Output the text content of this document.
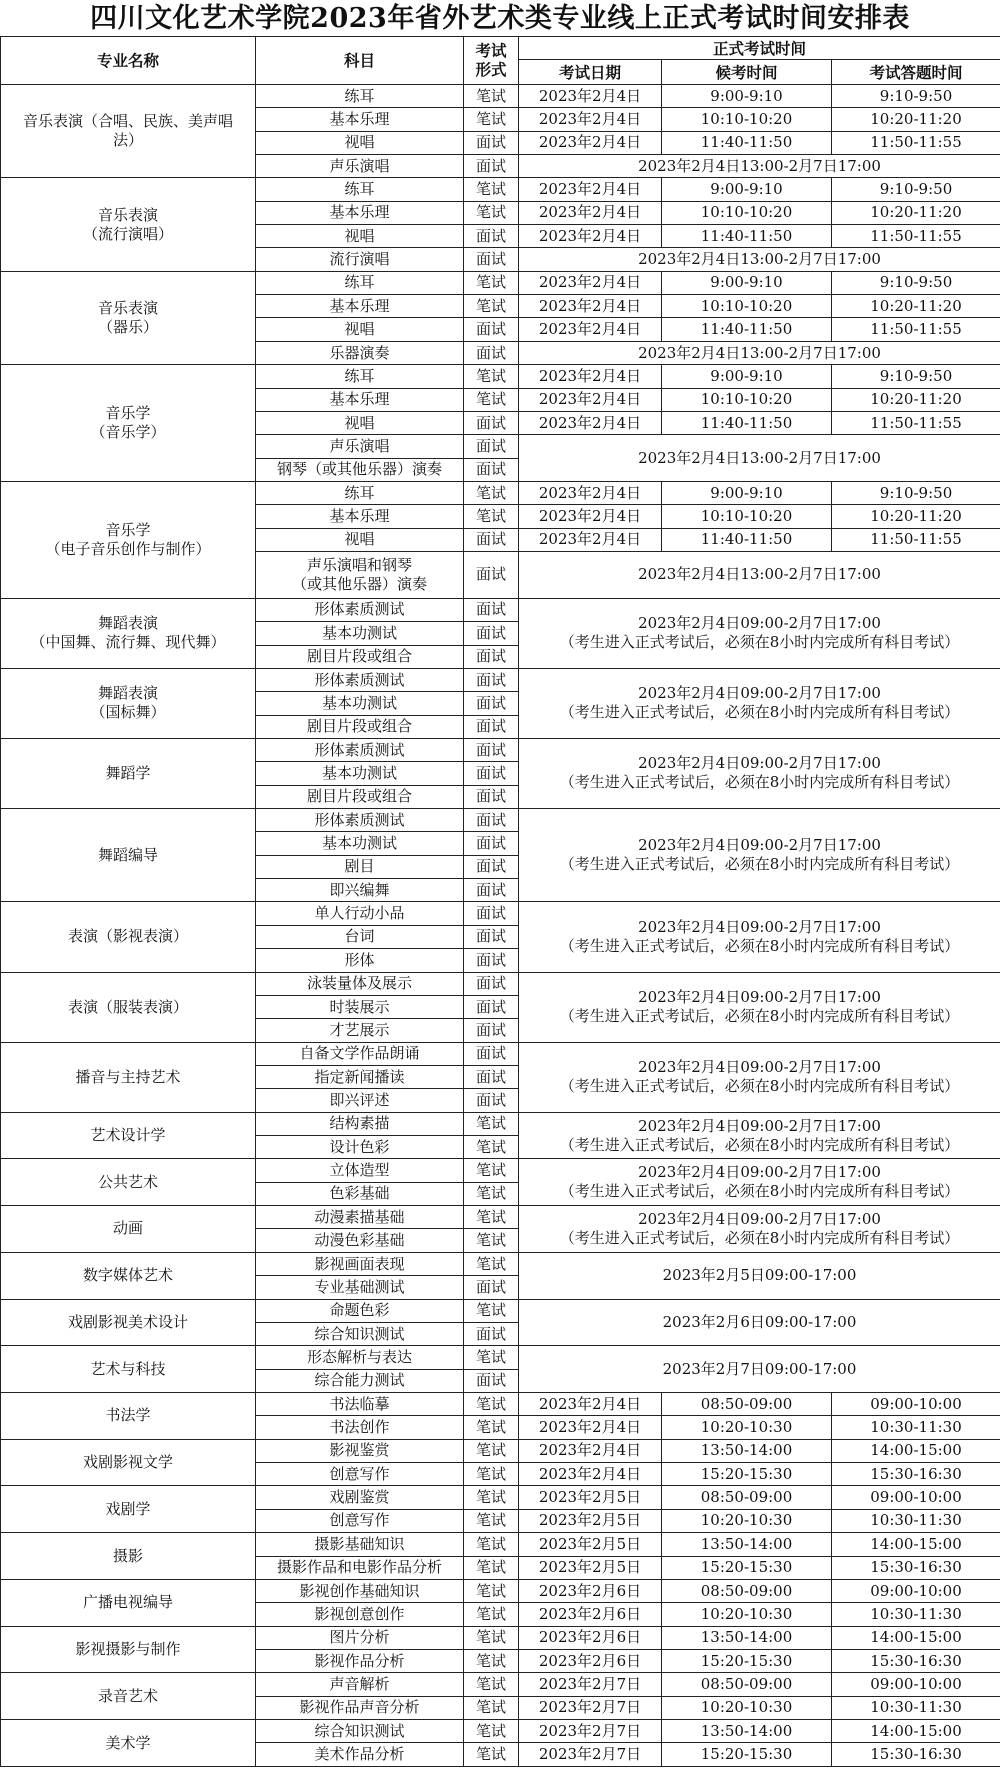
四川文化艺术学院2023年省外艺术类专业线上正式考试时间安排表
专业名称	科目	考试
形式	正式考试时间		
			考试日期	候考时间	考试答题时间

音乐表演（合唱、民族、美声唱
法）	练耳	笔试	2023年2月4日	9:00-9:10	9:10-9:50
	基本乐理	笔试	2023年2月4日	10:10-10:20	10:20-11:20
	视唱	面试	2023年2月4日	11:40-11:50	11:50-11:55
	声乐演唱	面试	2023年2月4日13:00-2月7日17:00		

音乐表演
（流行演唱）	练耳	笔试	2023年2月4日	9:00-9:10	9:10-9:50
	基本乐理	笔试	2023年2月4日	10:10-10:20	10:20-11:20
	视唱	面试	2023年2月4日	11:40-11:50	11:50-11:55
	流行演唱	面试	2023年2月4日13:00-2月7日17:00		

音乐表演
（器乐）	练耳	笔试	2023年2月4日	9:00-9:10	9:10-9:50
	基本乐理	笔试	2023年2月4日	10:10-10:20	10:20-11:20
	视唱	面试	2023年2月4日	11:40-11:50	11:50-11:55
	乐器演奏	面试	2023年2月4日13:00-2月7日17:00		

音乐学
（音乐学）	练耳	笔试	2023年2月4日	9:00-9:10	9:10-9:50
	基本乐理	笔试	2023年2月4日	10:10-10:20	10:20-11:20
	视唱	面试	2023年2月4日	11:40-11:50	11:50-11:55
	声乐演唱	面试	2023年2月4日13:00-2月7日17:00		
	钢琴（或其他乐器）演奏	面试			

音乐学
（电子音乐创作与制作）	练耳	笔试	2023年2月4日	9:00-9:10	9:10-9:50
	基本乐理	笔试	2023年2月4日	10:10-10:20	10:20-11:20
	视唱	面试	2023年2月4日	11:40-11:50	11:50-11:55

	声乐演唱和钢琴
（或其他乐器）演奏	面试	2023年2月4日13:00-2月7日17:00		

舞蹈表演
（中国舞、流行舞、现代舞）	形体素质测试	面试	2023年2月4日09:00-2月7日17:00
（考生进入正式考试后，必须在8小时内完成所有科目考试）		

	基本功测试	面试			
	剧目片段或组合	面试			

舞蹈表演
（国标舞）	形体素质测试	面试	2023年2月4日09:00-2月7日17:00
（考生进入正式考试后，必须在8小时内完成所有科目考试）		

	基本功测试	面试			
	剧目片段或组合	面试			

舞蹈学	形体素质测试	面试	2023年2月4日09:00-2月7日17:00
（考生进入正式考试后，必须在8小时内完成所有科目考试）		

	基本功测试	面试			
	剧目片段或组合	面试			

舞蹈编导	形体素质测试	面试	2023年2月4日09:00-2月7日17:00
（考生进入正式考试后，必须在8小时内完成所有科目考试）		

	基本功测试	面试			
	剧目	面试			
	即兴编舞	面试			

表演（影视表演）	单人行动小品	面试	2023年2月4日09:00-2月7日17:00
（考生进入正式考试后，必须在8小时内完成所有科目考试）		

	台词	面试			
	形体	面试			

表演（服装表演）	泳装量体及展示	面试	2023年2月4日09:00-2月7日17:00
（考生进入正式考试后，必须在8小时内完成所有科目考试）		

	时装展示	面试			
	才艺展示	面试			

播音与主持艺术	自备文学作品朗诵	面试	2023年2月4日09:00-2月7日17:00
（考生进入正式考试后，必须在8小时内完成所有科目考试）		

	指定新闻播读	面试			
	即兴评述	面试			

艺术设计学	结构素描	笔试	2023年2月4日09:00-2月7日17:00
（考生进入正式考试后，必须在8小时内完成所有科目考试）		

	设计色彩	笔试			

公共艺术	立体造型	笔试	2023年2月4日09:00-2月7日17:00
（考生进入正式考试后，必须在8小时内完成所有科目考试）		

	色彩基础	笔试			

动画	动漫素描基础	笔试	2023年2月4日09:00-2月7日17:00
（考生进入正式考试后，必须在8小时内完成所有科目考试）		

	动漫色彩基础	笔试			

数字媒体艺术	影视画面表现	笔试	2023年2月5日09:00-17:00		

	专业基础测试	面试			

戏剧影视美术设计	命题色彩	笔试	2023年2月6日09:00-17:00		

	综合知识测试	面试			

艺术与科技	形态解析与表达	笔试	2023年2月7日09:00-17:00		

	综合能力测试	面试			

书法学	书法临摹	笔试	2023年2月4日	08:50-09:00	09:00-10:00
	书法创作	笔试	2023年2月4日	10:20-10:30	10:30-11:30

戏剧影视文学	影视鉴赏	笔试	2023年2月4日	13:50-14:00	14:00-15:00
	创意写作	笔试	2023年2月4日	15:20-15:30	15:30-16:30

戏剧学	戏剧鉴赏	笔试	2023年2月5日	08:50-09:00	09:00-10:00
	创意写作	笔试	2023年2月5日	10:20-10:30	10:30-11:30

摄影	摄影基础知识	笔试	2023年2月5日	13:50-14:00	14:00-15:00
	摄影作品和电影作品分析	笔试	2023年2月5日	15:20-15:30	15:30-16:30

广播电视编导	影视创作基础知识	笔试	2023年2月6日	08:50-09:00	09:00-10:00
	影视创意创作	笔试	2023年2月6日	10:20-10:30	10:30-11:30

影视摄影与制作	图片分析	笔试	2023年2月6日	13:50-14:00	14:00-15:00
	影视作品分析	笔试	2023年2月6日	15:20-15:30	15:30-16:30

录音艺术	声音解析	笔试	2023年2月7日	08:50-09:00	09:00-10:00
	影视作品声音分析	笔试	2023年2月7日	10:20-10:30	10:30-11:30

美术学	综合知识测试	笔试	2023年2月7日	13:50-14:00	14:00-15:00
	美术作品分析	笔试	2023年2月7日	15:20-15:30	15:30-16:30
